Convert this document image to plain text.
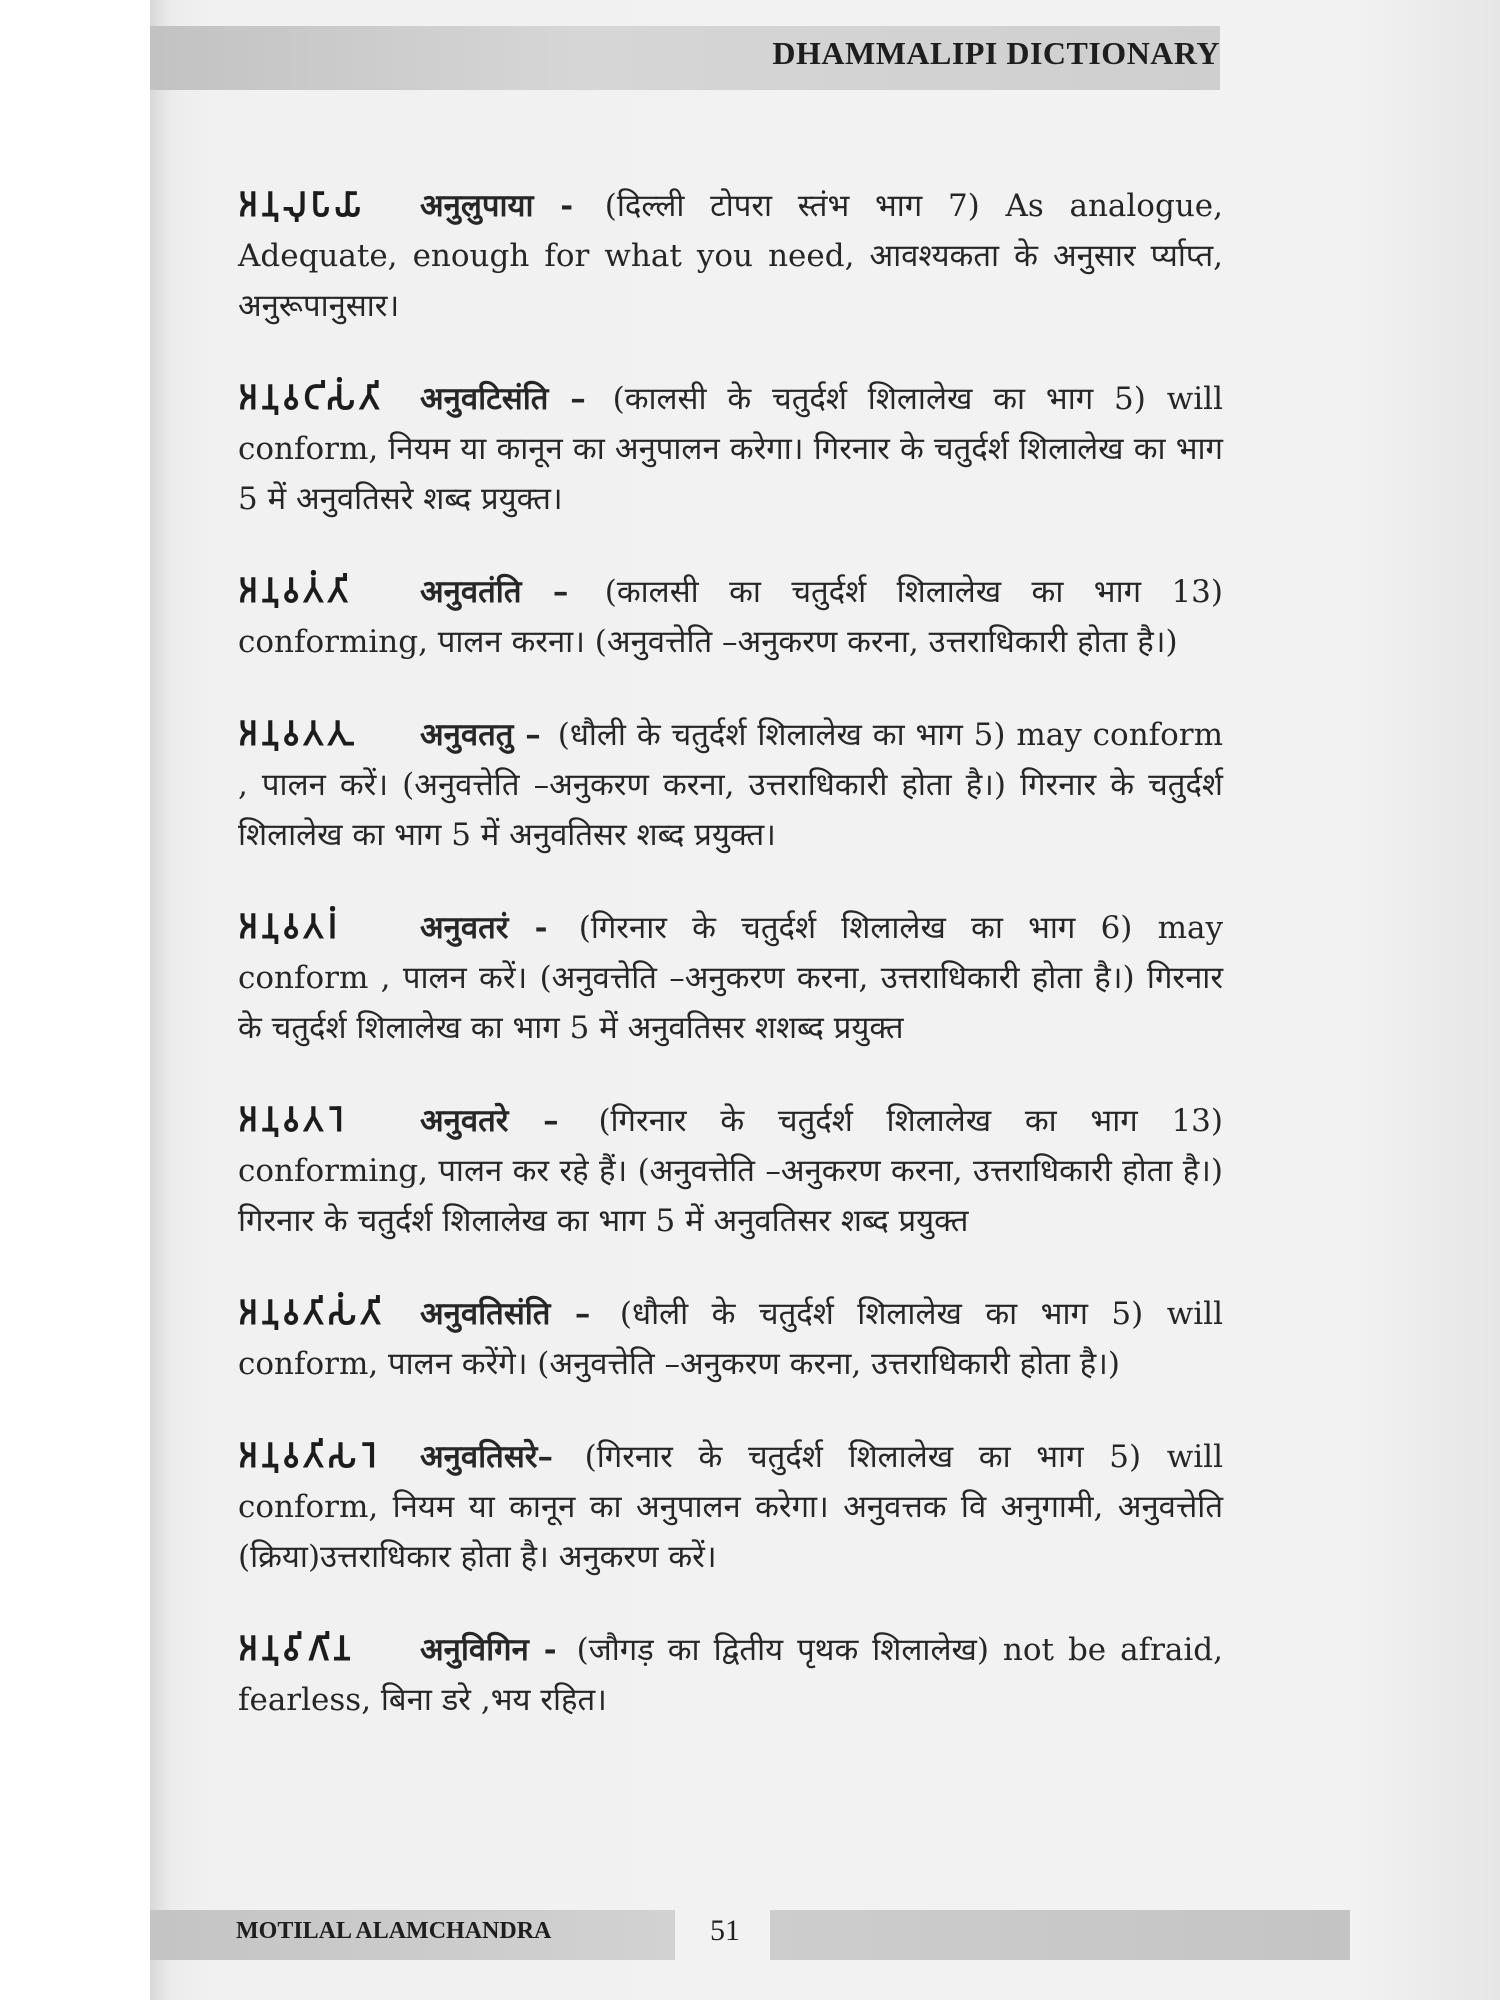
DHAMMALIPI DICTIONARY
𑀅𑀦𑀼𑀮𑀼𑀧𑀸𑀬𑀸 अनुलुपाया - (दिल्ली टोपरा स्तंभ भाग 7) As analogue, Adequate, enough for what you need, आवश्यकता के अनुसार र्प्याप्त, अनुरूपानुसार।
𑀅𑀦𑀼𑀯𑀝𑀺𑀲𑀁𑀢𑀺 अनुवटिसंति – (कालसी के चतुर्दर्श शिलालेख का भाग 5) will conform, नियम या कानून का अनुपालन करेगा। गिरनार के चतुर्दर्श शिलालेख का भाग 5 में अनुवतिसरे शब्द प्रयुक्त।
𑀅𑀦𑀼𑀯𑀢𑀁𑀢𑀺 अनुवतंति – (कालसी का चतुर्दर्श शिलालेख का भाग 13) conforming, पालन करना। (अनुवत्तेति –अनुकरण करना, उत्तराधिकारी होता है।)
𑀅𑀦𑀼𑀯𑀢𑀢𑀼 अनुवततु – (धौली के चतुर्दर्श शिलालेख का भाग 5) may conform , पालन करें। (अनुवत्तेति –अनुकरण करना, उत्तराधिकारी होता है।) गिरनार के चतुर्दर्श शिलालेख का भाग 5 में अनुवतिसर शब्द प्रयुक्त।
𑀅𑀦𑀼𑀯𑀢𑀭𑀁	अनुवतरं - (गिरनार के चतुर्दर्श शिलालेख का भाग 6) may conform , पालन करें। (अनुवत्तेति –अनुकरण करना, उत्तराधिकारी होता है।) गिरनार के चतुर्दर्श शिलालेख का भाग 5 में अनुवतिसर शशब्द प्रयुक्त
𑀅𑀦𑀼𑀯𑀢𑀭𑁂 अनुवतरे – (गिरनार के चतुर्दर्श शिलालेख का भाग 13) conforming, पालन कर रहे हैं। (अनुवत्तेति –अनुकरण करना, उत्तराधिकारी होता है।) गिरनार के चतुर्दर्श शिलालेख का भाग 5 में अनुवतिसर शब्द प्रयुक्त
𑀅𑀦𑀼𑀯𑀢𑀺𑀲𑀁𑀢𑀺 अनुवतिसंति – (धौली के चतुर्दर्श शिलालेख का भाग 5) will conform, पालन करेंगे। (अनुवत्तेति –अनुकरण करना, उत्तराधिकारी होता है।)
𑀅𑀦𑀼𑀯𑀢𑀺𑀲𑀭𑁂 अनुवतिसरे– (गिरनार के चतुर्दर्श शिलालेख का भाग 5) will conform, नियम या कानून का अनुपालन करेगा। अनुवत्तक वि अनुगामी, अनुवत्तेति (क्रिया)उत्तराधिकार होता है। अनुकरण करें।
𑀅𑀦𑀼𑀯𑀺𑀕𑀺𑀦 अनुविगिन - (जौगड़ का द्वितीय पृथक शिलालेख) not be afraid, fearless, बिना डरे ,भय रहित।
MOTILAL ALAMCHANDRA	51
